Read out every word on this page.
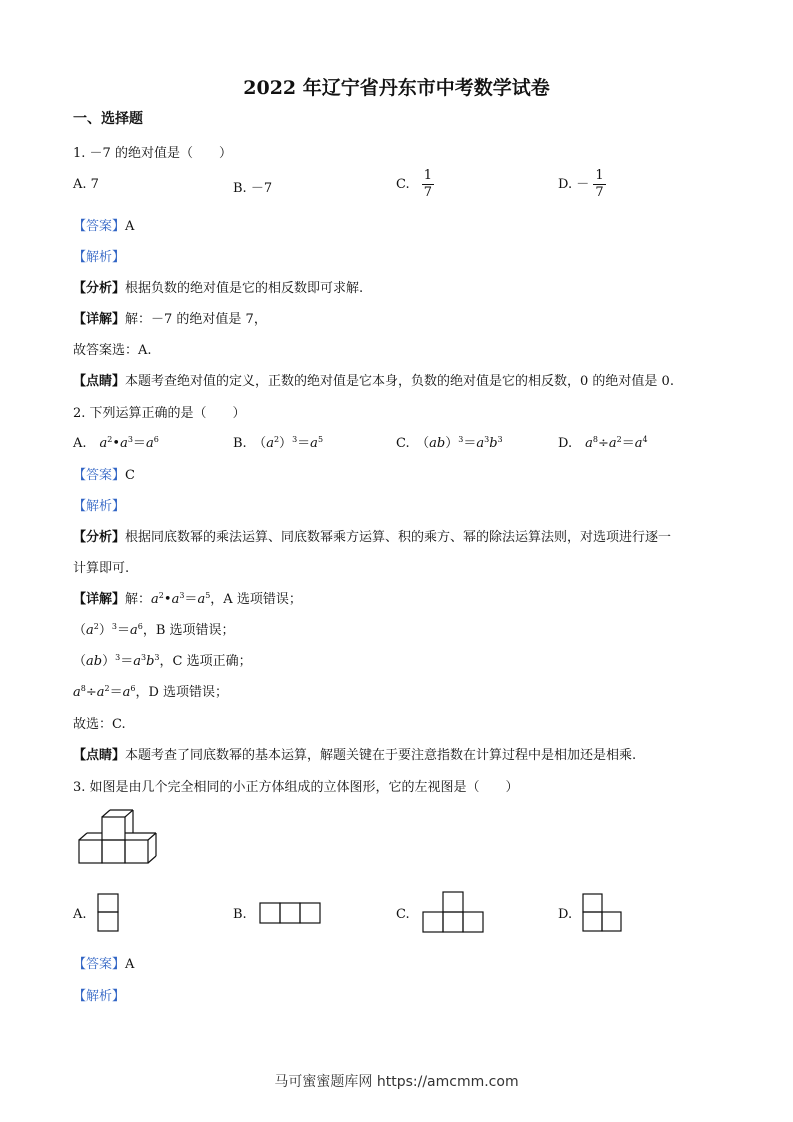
2022 年辽宁省丹东市中考数学试卷
一、选择题
1. －7 的绝对值是（　　）
A. 7	B. －7	C. $\frac{1}{7}$	D. － $\frac{1}{7}$
【答案】A
【解析】
【分析】根据负数的绝对值是它的相反数即可求解.
【详解】解：－7 的绝对值是 7，
故答案选：A.
【点睛】本题考查绝对值的定义，正数的绝对值是它本身，负数的绝对值是它的相反数，0 的绝对值是 0.
2. 下列运算正确的是（　　）
A.　$a^2•a^3=a^6$	B.　$(a^2)^3=a^5$	C.　$(ab)^3=a^3b^3$	D.　$a^8\div a^2=a^4$
【答案】C
【解析】
【分析】根据同底数幂的乘法运算、同底数幂乘方运算、积的乘方、幂的除法运算法则，对选项进行逐一
计算即可.
【详解】解：$a^2•a^3=a^5$，A 选项错误；
$(a^2)^3=a^6$，B 选项错误；
$(ab)^3=a^3b^3$，C 选项正确；
$a^8\div a^2=a^6$，D 选项错误；
故选：C.
【点睛】本题考查了同底数幂的基本运算，解题关键在于要注意指数在计算过程中是相加还是相乘.
3. 如图是由几个完全相同的小正方体组成的立体图形，它的左视图是（　　）
A.	B.	C.	D.
【答案】A
【解析】
马可蜜蜜题库网 https://amcmm.com
